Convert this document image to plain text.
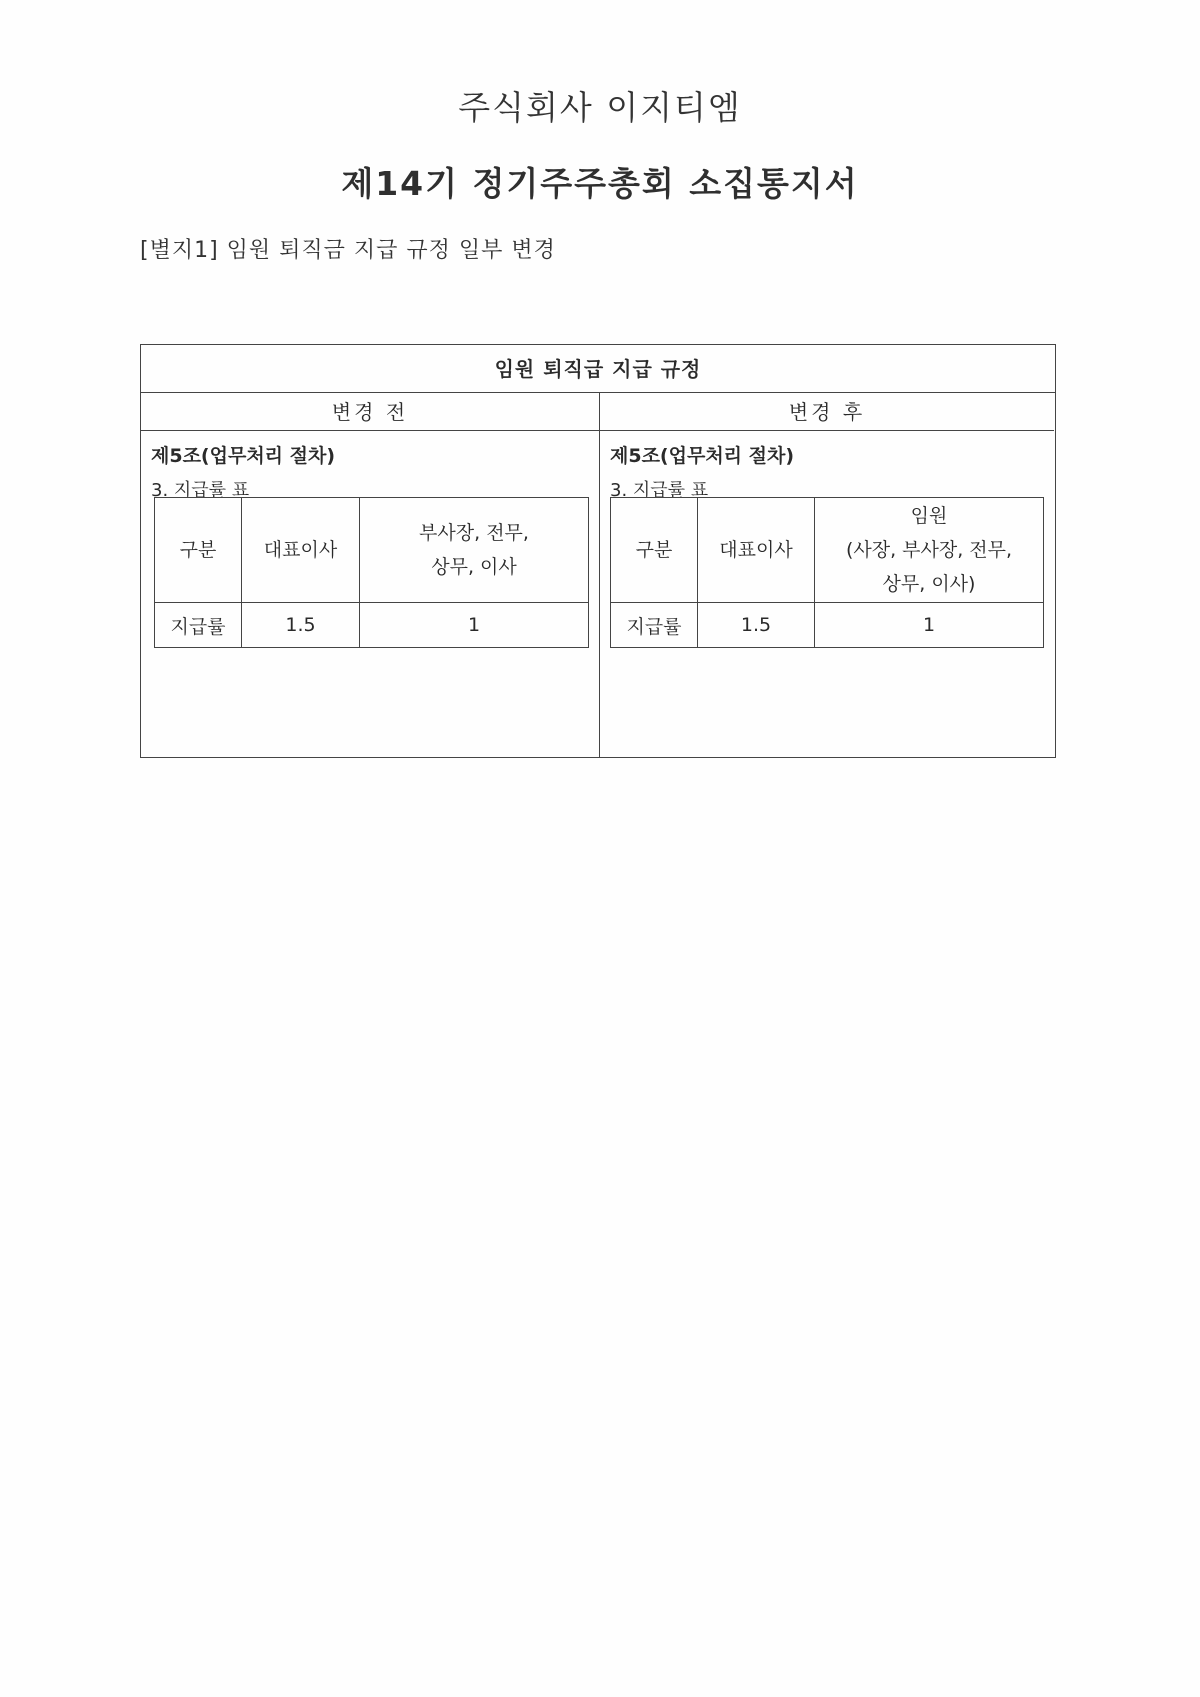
주식회사 이지티엠
제14기 정기주주총회 소집통지서
[별지1] 임원 퇴직금 지급 규정 일부 변경
임원 퇴직급 지급 규정
변경 전
제5조(업무처리 절차)
3. 지급률 표
구분	대표이사	부사장, 전무,
상무, 이사

지급률	1.5	1
변경 후
제5조(업무처리 절차)
3. 지급률 표
구분	대표이사	임원
(사장, 부사장, 전무,
상무, 이사)

지급률	1.5	1
